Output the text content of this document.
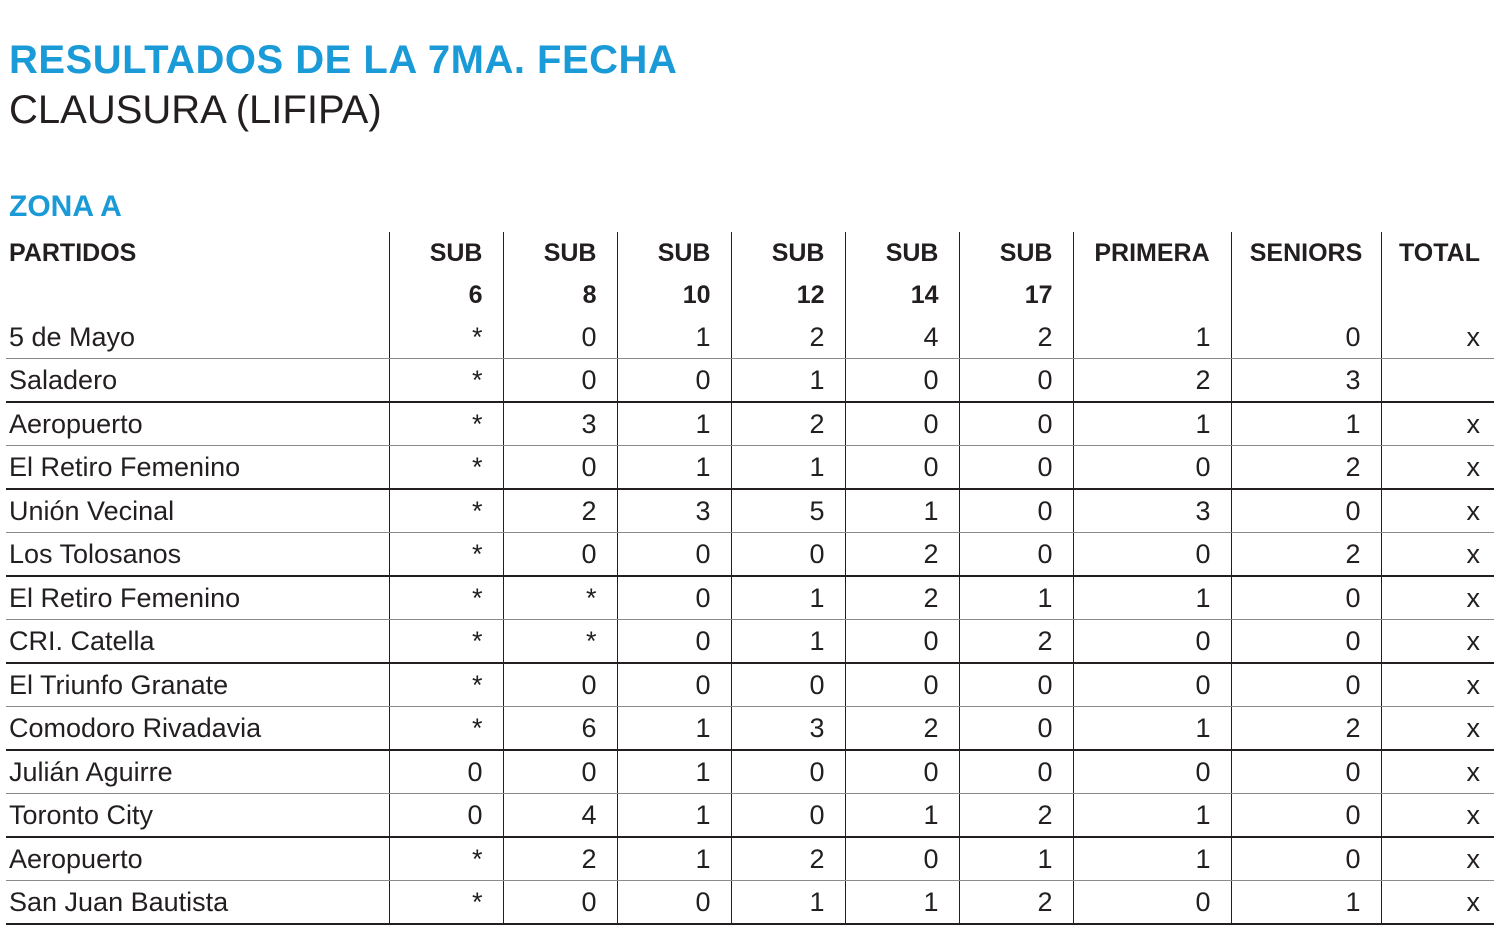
RESULTADOS DE LA 7MA. FECHA
CLAUSURA (LIFIPA)
ZONA A
PARTIDOS	SUB	SUB	SUB	SUB	SUB	SUB	PRIMERA	SENIORS	TOTAL
	6	8	10	12	14	17			
5 de Mayo	*	0	1	2	4	2	1	0	x
Saladero	*	0	0	1	0	0	2	3	
Aeropuerto	*	3	1	2	0	0	1	1	x
El Retiro Femenino	*	0	1	1	0	0	0	2	x
Unión Vecinal	*	2	3	5	1	0	3	0	x
Los Tolosanos	*	0	0	0	2	0	0	2	x
El Retiro Femenino	*	*	0	1	2	1	1	0	x
CRI. Catella	*	*	0	1	0	2	0	0	x
El Triunfo Granate	*	0	0	0	0	0	0	0	x
Comodoro Rivadavia	*	6	1	3	2	0	1	2	x
Julián Aguirre	0	0	1	0	0	0	0	0	x
Toronto City	0	4	1	0	1	2	1	0	x
Aeropuerto	*	2	1	2	0	1	1	0	x
San Juan Bautista	*	0	0	1	1	2	0	1	x
